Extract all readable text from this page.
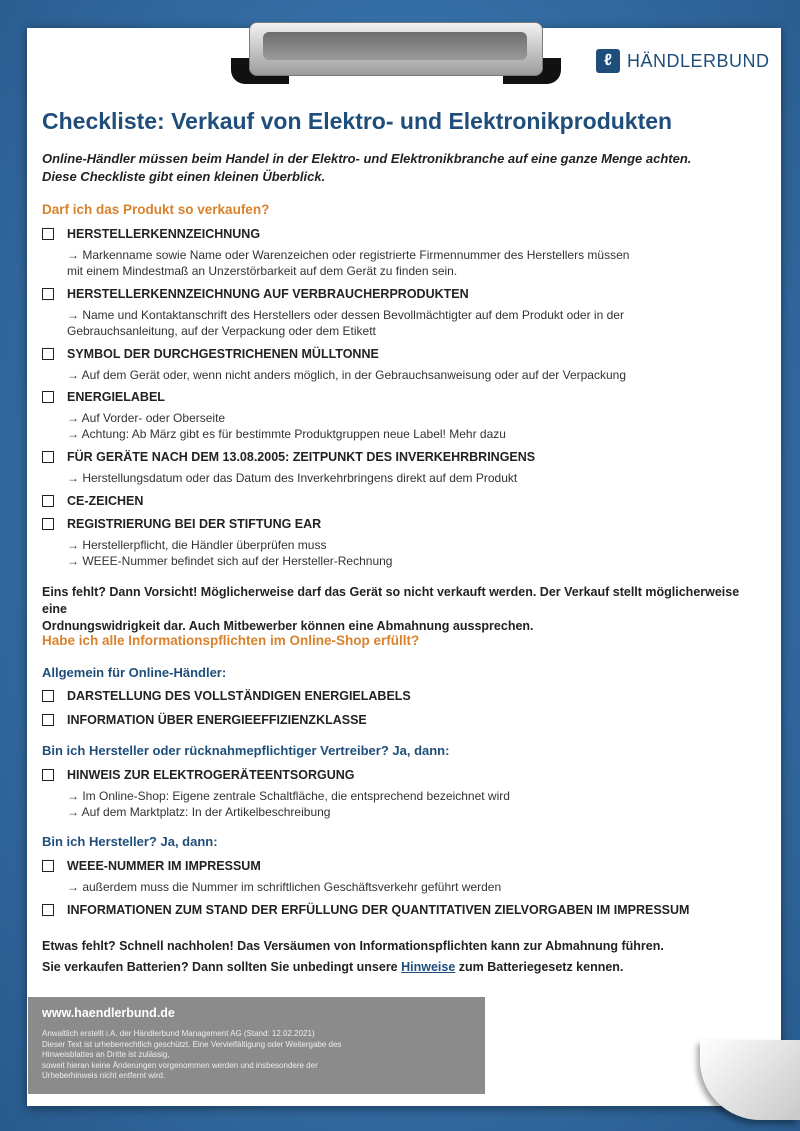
ℓ HÄNDLERBUND
Checkliste: Verkauf von Elektro- und Elektronikprodukten
Online-Händler müssen beim Handel in der Elektro- und Elektronikbranche auf eine ganze Menge achten.
Diese Checkliste gibt einen kleinen Überblick.
Darf ich das Produkt so verkaufen?
HERSTELLERKENNZEICHNUNG
→ Markenname sowie Name oder Warenzeichen oder registrierte Firmennummer des Herstellers müssen
mit einem Mindestmaß an Unzerstörbarkeit auf dem Gerät zu finden sein.
HERSTELLERKENNZEICHNUNG AUF VERBRAUCHERPRODUKTEN
→ Name und Kontaktanschrift des Herstellers oder dessen Bevollmächtigter auf dem Produkt oder in der
Gebrauchsanleitung, auf der Verpackung oder dem Etikett
SYMBOL DER DURCHGESTRICHENEN MÜLLTONNE
→ Auf dem Gerät oder, wenn nicht anders möglich, in der Gebrauchsanweisung oder auf der Verpackung
ENERGIELABEL
→ Auf Vorder- oder Oberseite
→ Achtung: Ab März gibt es für bestimmte Produktgruppen neue Label! Mehr dazu
FÜR GERÄTE NACH DEM 13.08.2005: ZEITPUNKT DES INVERKEHRBRINGENS
→ Herstellungsdatum oder das Datum des Inverkehrbringens direkt auf dem Produkt
CE-ZEICHEN
REGISTRIERUNG BEI DER STIFTUNG EAR
→ Herstellerpflicht, die Händler überprüfen muss
→ WEEE-Nummer befindet sich auf der Hersteller-Rechnung
Eins fehlt? Dann Vorsicht! Möglicherweise darf das Gerät so nicht verkauft werden. Der Verkauf stellt möglicherweise eine
Ordnungswidrigkeit dar. Auch Mitbewerber können eine Abmahnung aussprechen.
Habe ich alle Informationspflichten im Online-Shop erfüllt?
Allgemein für Online-Händler:
DARSTELLUNG DES VOLLSTÄNDIGEN ENERGIELABELS
INFORMATION ÜBER ENERGIEEFFIZIENZKLASSE
Bin ich Hersteller oder rücknahmepflichtiger Vertreiber? Ja, dann:
HINWEIS ZUR ELEKTROGERÄTEENTSORGUNG
→ Im Online-Shop: Eigene zentrale Schaltfläche, die entsprechend bezeichnet wird
→ Auf dem Marktplatz: In der Artikelbeschreibung
Bin ich Hersteller? Ja, dann:
WEEE-NUMMER IM IMPRESSUM
→ außerdem muss die Nummer im schriftlichen Geschäftsverkehr geführt werden
INFORMATIONEN ZUM STAND DER ERFÜLLUNG DER QUANTITATIVEN ZIELVORGABEN IM IMPRESSUM
Etwas fehlt? Schnell nachholen! Das Versäumen von Informationspflichten kann zur Abmahnung führen.
Sie verkaufen Batterien? Dann sollten Sie unbedingt unsere Hinweise zum Batteriegesetz kennen.
www.haendlerbund.de
Anwaltlich erstellt i.A. der Händlerbund Management AG (Stand: 12.02.2021)
Dieser Text ist urheberrechtlich geschützt. Eine Vervielfältigung oder Weitergabe des
Hinweisblattes an Dritte ist zulässig,
soweit hieran keine Änderungen vorgenommen werden und insbesondere der
Urheberhinweis nicht entfernt wird.
